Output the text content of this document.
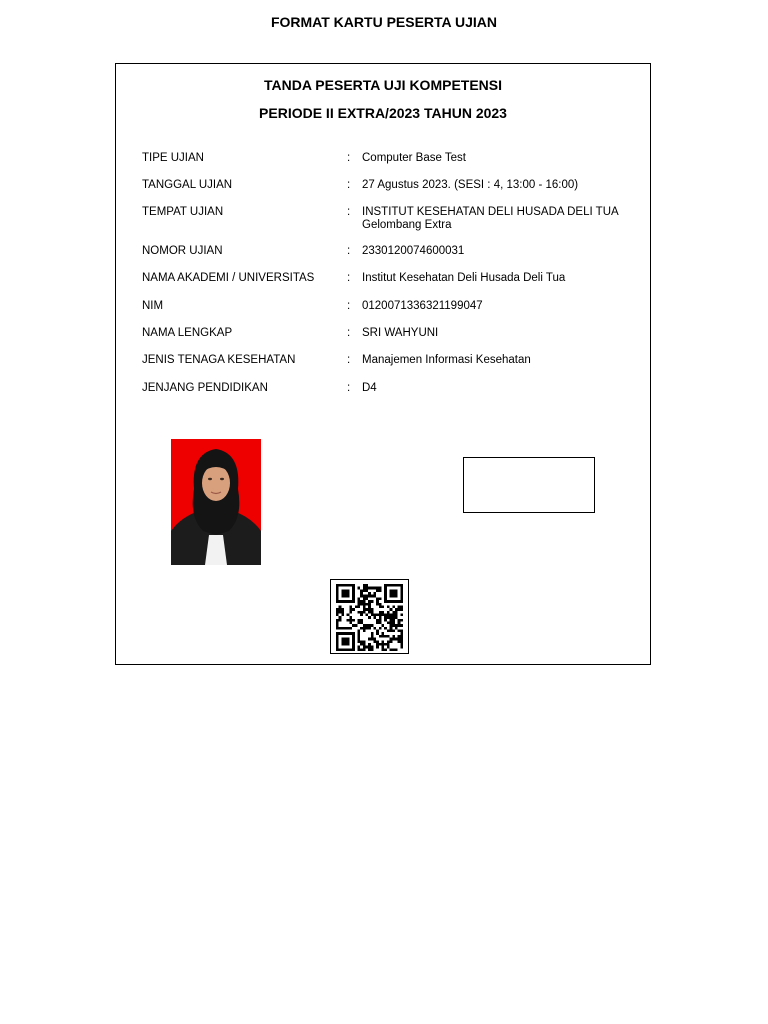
FORMAT KARTU PESERTA UJIAN
TANDA PESERTA UJI KOMPETENSI
PERIODE II EXTRA/2023 TAHUN 2023
TIPE UJIAN	: Computer Base Test
TANGGAL UJIAN	: 27 Agustus 2023. (SESI : 4, 13:00 - 16:00)
TEMPAT UJIAN	: INSTITUT KESEHATAN DELI HUSADA DELI TUA
Gelombang Extra
NOMOR UJIAN	: 2330120074600031
NAMA AKADEMI / UNIVERSITAS	: Institut Kesehatan Deli Husada Deli Tua
NIM	: 0120071336321199047
NAMA LENGKAP	: SRI WAHYUNI
JENIS TENAGA KESEHATAN	: Manajemen Informasi Kesehatan
JENJANG PENDIDIKAN	: D4
